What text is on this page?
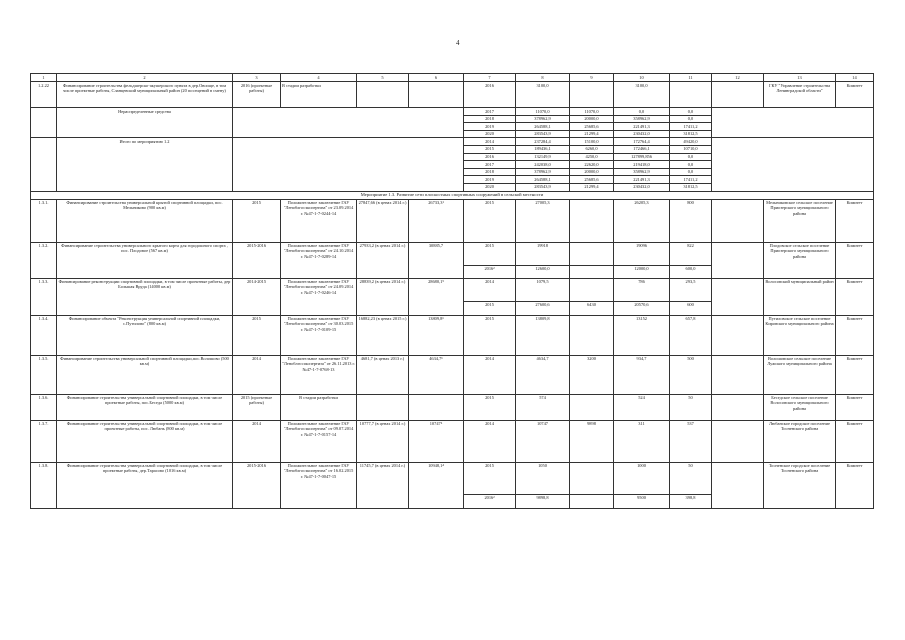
4
1	2	3	4	5	6	7	8	9	10	11	12	13	14
1.2.22	Финансирование строительства фельдшерско-акушерского пункта в дер.Овсище, в том числе проектные работы, Сланцевский муниципальный район (20 посещений в смену)	2016 (проектные работы)	В стадии разработки			2016	3100,0		3100,0			ГКУ "Управление строительства Ленинградской области"	Комитет
	Нераспределенные средства					2017	11070,0	11070,0	0,0	0,0			
						2018	378962,9	20000,0	358962,9	0,0			
						2019	264588,1	25685,6	221491,3	17411,2			
						2020	283543,9	21299,4	230432,0	31812,5			
	Итого по мероприятию 1.2					2014	237284,4	15100,0	172764,4	49420,0			
						2015	189436,1	6260,0	172466,1	10710,0			
						2016	132149,9	4250,0	127899,856	0,0			
						2017	242038,0	22620,0	219418,0	0,0			
						2018	378962,9	20000,0	358962,9	0,0			
						2019	264588,1	25685,6	221491,3	17411,2			
						2020	283543,9	21299,4	230432,0	31812,5			
Мероприятие 1.3. Развитие сети плоскостных спортивных сооружений в сельской местности													
1.3.1.	Финансирование строительства универсальной крытой спортивной площадки, пос. Мельниково (900 кв.м)	2015	Положительное заключение ГАУ "Леноблгосэкспертиза" от 23.09.2014 г. №47-1-7-0244-14	27847,66 (в ценах 2014 г.)	26733,3¹	2015	27005,3		26205,3	800		Мельниковское сельское поселение Приозерского муниципального района	Комитет
1.3.2.	Финансирование строительства универсального крытого корта для городошного спорта , пос. Плодовое (567 кв.м)	2015-2016	Положительное заключение ГАУ "Леноблгосэкспертиза" от 24.10.2014 г. №47-1-7-0289-14	27933,2 (в ценах 2014 г.)	30885,7	2015	19918		19096	822		Плодовское сельское поселение Приозерского муниципального района	Комитет
						2016²	12600,0		12000,0	600,0			
1.3.3.	Финансирование реконструкции спортивной площадки, в том числе проектные работы, дер Большая Вруда (14000 кв.м)	2014-2015	Положительное заключение ГАУ "Леноблгосэкспертиза" от 24.09.2014 г. №47-1-7-0246-14	28839,2 (в ценах 2014 г.)	28680,1⁵	2014	1079,5		786	293,5		Волосовский муниципальный район	Комитет
						2015	27600,6	6430	20570,6	600			
1.3.4.	Финансирование объекта "Реконструкция универсальной спортивной площадки, с.Путилово" (800 кв.м)	2015	Положительное заключение ГАУ "Леноблгосэкспертиза" от 30.03.2015 г. №47-1-7-0109-15	16882,23 (в ценах 2015 г.)	13809,8⁶	2015	13809,8		13152	657,8		Путиловское сельское поселение Кировского муниципального района	Комитет
1.3.5.	Финансирование строительства универсальной спортивной площадки,пос.Волошово (500 кв.м)	2014	Положительное заключение ГАУ "Леноблгосэкспертиза" от 26.11.2013 г. №47-1-7-0768-13	4681,7 (в ценах 2013 г.)	4634,7⁶	2014	4634,7	3200	934,7	500		Волошовское сельское поселение Лужского муниципального района	Комитет
1.3.6.	Финансирование строительства универсальной спортивной площадки, в том числе проектные работы, пос.Беседа (5000 кв.м)	2015 (проектные работы)	В стадии разработки			2015	574		524	50		Беседское сельское поселение Волосовского муниципального района	Комитет
1.3.7.	Финансирование строительства универсальной спортивной площадки, в том числе проектные работы, пос. Любань (800 кв.м)	2014	Положительное заключение ГАУ "Леноблгосэкспертиза" от 09.07.2014 г. №47-1-7-0157-14	10777,7 (в ценах 2014 г.)	10747⁶	2014	10747	9898	311	537		Любанское городское поселение Тосненского района	Комитет
1.3.8.	Финансирование строительства универсальной спортивной площадки, в том числе проектные работы, дер.Тарасово (1016 кв.м)	2015-2016	Положительное заключение ГАУ "Леноблгосэкспертиза" от 16.02.2015 г. №47-1-7-0047-15	11745,7 (в ценах 2014 г.)	10948,1⁴	2015	1050		1000	50		Тосненское городское поселение Тосненского района	Комитет
						2016²	9898,8		9500	398,8			
